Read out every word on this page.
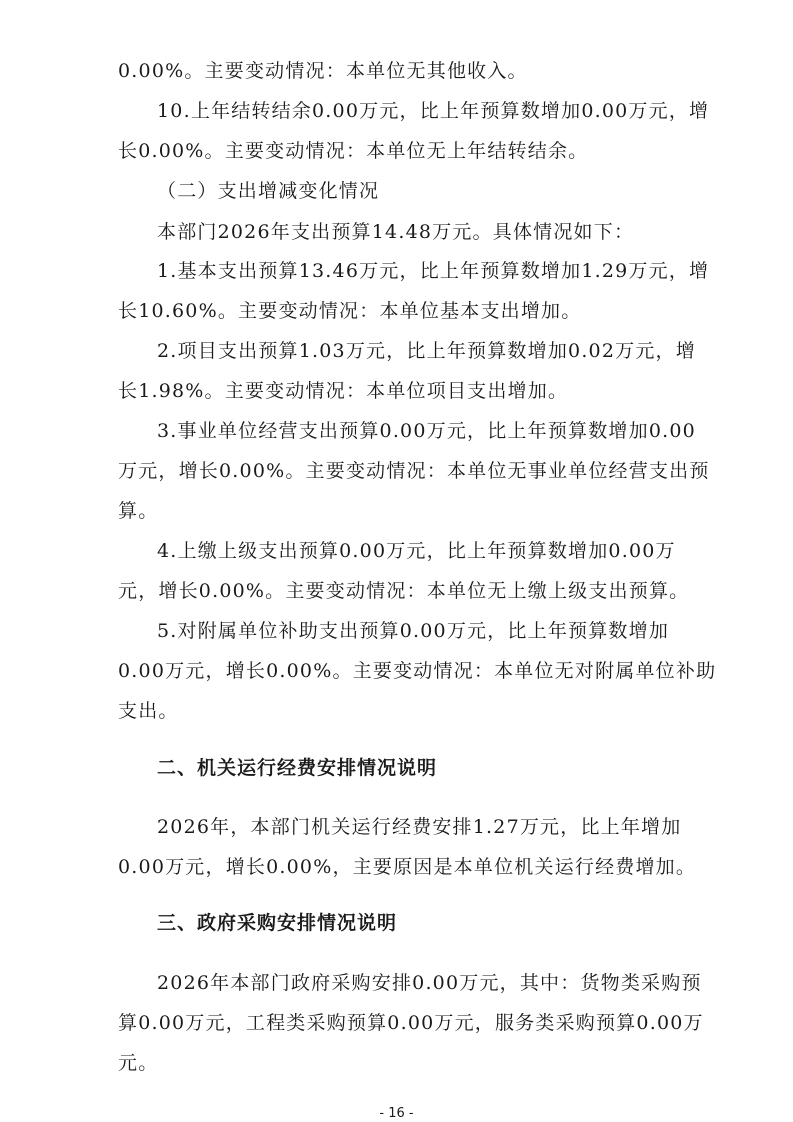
0.00%。主要变动情况：本单位无其他收入。
10.上年结转结余0.00万元，比上年预算数增加0.00万元，增
长0.00%。主要变动情况：本单位无上年结转结余。
（二）支出增减变化情况
本部门2026年支出预算14.48万元。具体情况如下：
1.基本支出预算13.46万元，比上年预算数增加1.29万元，增
长10.60%。主要变动情况：本单位基本支出增加。
2.项目支出预算1.03万元，比上年预算数增加0.02万元，增
长1.98%。主要变动情况：本单位项目支出增加。
3.事业单位经营支出预算0.00万元，比上年预算数增加0.00
万元，增长0.00%。主要变动情况：本单位无事业单位经营支出预
算。
4.上缴上级支出预算0.00万元，比上年预算数增加0.00万
元，增长0.00%。主要变动情况：本单位无上缴上级支出预算。
5.对附属单位补助支出预算0.00万元，比上年预算数增加
0.00万元，增长0.00%。主要变动情况：本单位无对附属单位补助
支出。
二、机关运行经费安排情况说明
2026年，本部门机关运行经费安排1.27万元，比上年增加
0.00万元，增长0.00%，主要原因是本单位机关运行经费增加。
三、政府采购安排情况说明
2026年本部门政府采购安排0.00万元，其中：货物类采购预
算0.00万元，工程类采购预算0.00万元，服务类采购预算0.00万
元。
- 16 -
